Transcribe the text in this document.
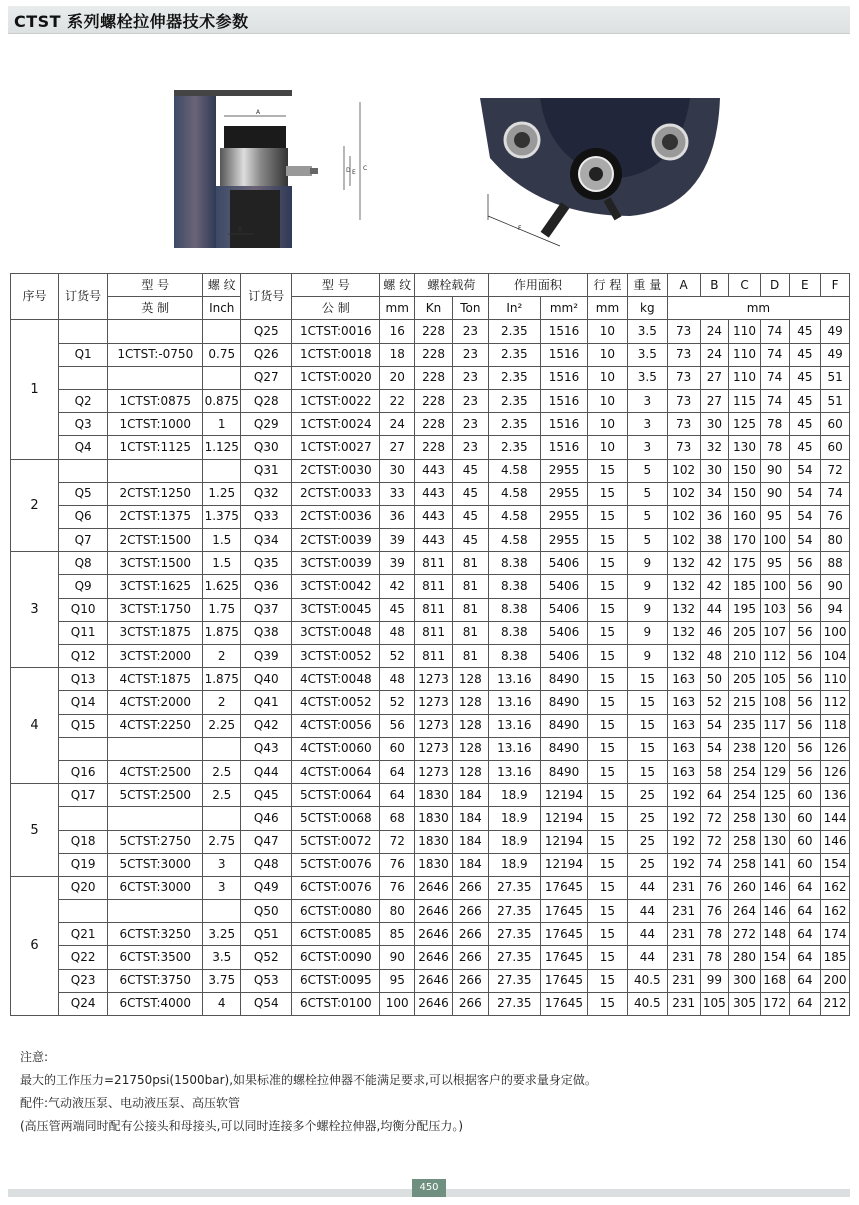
CTST 系列螺栓拉伸器技术参数
A
B
C
D E
F
序号	订货号	型 号	螺 纹	订货号	型 号	螺 纹	螺栓载荷		作用面积		行 程	重 量	A	B	C	D	E	F
		英 制	Inch		公 制	mm	Kn	Ton	In²	mm²	mm	kg	mm					
1				Q25	1CTST:0016	16	228	23	2.35	1516	10	3.5	73	24	110	74	45	49
	Q1	1CTST:-0750	0.75	Q26	1CTST:0018	18	228	23	2.35	1516	10	3.5	73	24	110	74	45	49
				Q27	1CTST:0020	20	228	23	2.35	1516	10	3.5	73	27	110	74	45	51
	Q2	1CTST:0875	0.875	Q28	1CTST:0022	22	228	23	2.35	1516	10	3	73	27	115	74	45	51
	Q3	1CTST:1000	1	Q29	1CTST:0024	24	228	23	2.35	1516	10	3	73	30	125	78	45	60
	Q4	1CTST:1125	1.125	Q30	1CTST:0027	27	228	23	2.35	1516	10	3	73	32	130	78	45	60
2				Q31	2CTST:0030	30	443	45	4.58	2955	15	5	102	30	150	90	54	72
	Q5	2CTST:1250	1.25	Q32	2CTST:0033	33	443	45	4.58	2955	15	5	102	34	150	90	54	74
	Q6	2CTST:1375	1.375	Q33	2CTST:0036	36	443	45	4.58	2955	15	5	102	36	160	95	54	76
	Q7	2CTST:1500	1.5	Q34	2CTST:0039	39	443	45	4.58	2955	15	5	102	38	170	100	54	80
3	Q8	3CTST:1500	1.5	Q35	3CTST:0039	39	811	81	8.38	5406	15	9	132	42	175	95	56	88
	Q9	3CTST:1625	1.625	Q36	3CTST:0042	42	811	81	8.38	5406	15	9	132	42	185	100	56	90
	Q10	3CTST:1750	1.75	Q37	3CTST:0045	45	811	81	8.38	5406	15	9	132	44	195	103	56	94
	Q11	3CTST:1875	1.875	Q38	3CTST:0048	48	811	81	8.38	5406	15	9	132	46	205	107	56	100
	Q12	3CTST:2000	2	Q39	3CTST:0052	52	811	81	8.38	5406	15	9	132	48	210	112	56	104
4	Q13	4CTST:1875	1.875	Q40	4CTST:0048	48	1273	128	13.16	8490	15	15	163	50	205	105	56	110
	Q14	4CTST:2000	2	Q41	4CTST:0052	52	1273	128	13.16	8490	15	15	163	52	215	108	56	112
	Q15	4CTST:2250	2.25	Q42	4CTST:0056	56	1273	128	13.16	8490	15	15	163	54	235	117	56	118
				Q43	4CTST:0060	60	1273	128	13.16	8490	15	15	163	54	238	120	56	126
	Q16	4CTST:2500	2.5	Q44	4CTST:0064	64	1273	128	13.16	8490	15	15	163	58	254	129	56	126
5	Q17	5CTST:2500	2.5	Q45	5CTST:0064	64	1830	184	18.9	12194	15	25	192	64	254	125	60	136
				Q46	5CTST:0068	68	1830	184	18.9	12194	15	25	192	72	258	130	60	144
	Q18	5CTST:2750	2.75	Q47	5CTST:0072	72	1830	184	18.9	12194	15	25	192	72	258	130	60	146
	Q19	5CTST:3000	3	Q48	5CTST:0076	76	1830	184	18.9	12194	15	25	192	74	258	141	60	154
6	Q20	6CTST:3000	3	Q49	6CTST:0076	76	2646	266	27.35	17645	15	44	231	76	260	146	64	162
				Q50	6CTST:0080	80	2646	266	27.35	17645	15	44	231	76	264	146	64	162
	Q21	6CTST:3250	3.25	Q51	6CTST:0085	85	2646	266	27.35	17645	15	44	231	78	272	148	64	174
	Q22	6CTST:3500	3.5	Q52	6CTST:0090	90	2646	266	27.35	17645	15	44	231	78	280	154	64	185
	Q23	6CTST:3750	3.75	Q53	6CTST:0095	95	2646	266	27.35	17645	15	40.5	231	99	300	168	64	200
	Q24	6CTST:4000	4	Q54	6CTST:0100	100	2646	266	27.35	17645	15	40.5	231	105	305	172	64	212
注意:
最大的工作压力=21750psi(1500bar),如果标准的螺栓拉伸器不能满足要求,可以根据客户的要求量身定做。
配件:气动液压泵、电动液压泵、高压软管
(高压管两端同时配有公接头和母接头,可以同时连接多个螺栓拉伸器,均衡分配压力。)
450
